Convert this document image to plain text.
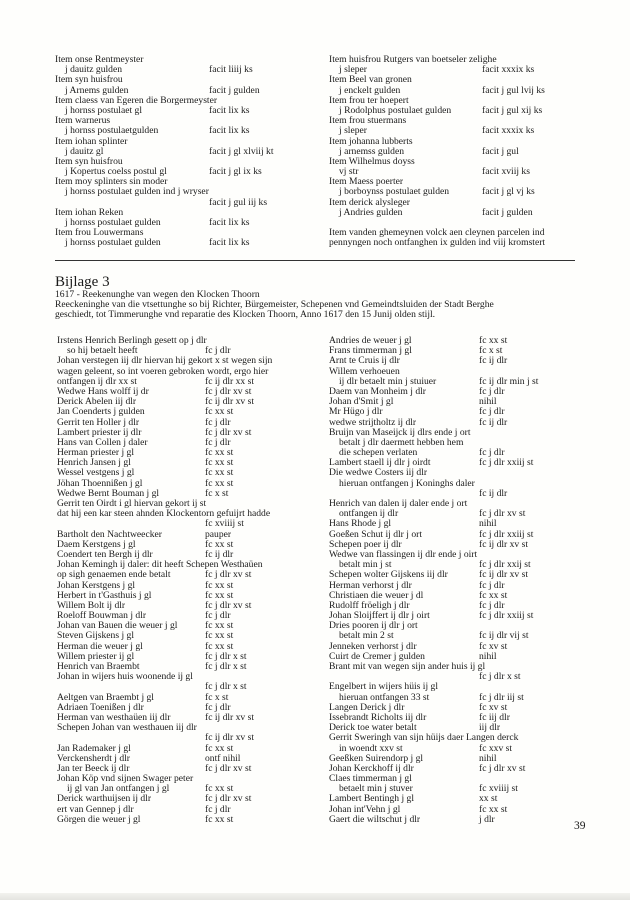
Item onse Rentmeyster
j dauitz gulden	facit liiij ks
Item syn huisfrou
j Arnems gulden	facit j gulden
Item claess van Egeren die Borgermeyster
j hornss postulaet gl	facit lix ks
Item warnerus
j hornss postulaetgulden	facit lix ks
Item iohan splinter
j dauitz gl	facit j gl xlviij kt
Item syn huisfrou
j Kopertus coelss postul gl	facit j gl ix ks
Item moy splinters sin moder
j hornss postulaet gulden ind j wryser
facit j gul iij ks
Item iohan Reken
j hornss postulaet gulden	facit lix ks
Item frou Louwermans
j hornss postulaet gulden	facit lix ks
Item huisfrou Rutgers van boetseler zelighe
j sleper	facit xxxix ks
Item Beel van gronen
j enckelt gulden	facit j gul lvij ks
Item frou ter hoepert
j Rodolphus postulaet gulden	facit j gul xij ks
Item frou stuermans
j sleper	facit xxxix ks
Item johanna lubberts
j arnemss gulden	facit j gul
Item Wilhelmus doyss
vj str	facit xviij ks
Item Maess poerter
j borboynss postulaet gulden	facit j gl vj ks
Item derick alysleger
j Andries gulden	facit j gulden
Item vanden ghemeynen volck aen cleynen parcelen ind
pennyngen noch ontfanghen ix gulden ind viij kromstert
Bijlage 3
1617 - Reekenunghe van wegen den Klocken Thoorn
Reeckeninghe van die vtsettunghe so bij Richter, Bürgemeister, Schepenen vnd Gemeindtsluiden der Stadt Berghe
geschiedt, tot Timmerunghe vnd reparatie des Klocken Thoorn, Anno 1617 den 15 Junij olden stijl.
Irstens Henrich Berlingh gesett op j dlr
so hij betaelt heeft	fc j dlr
Johan verstegen iij dlr hiervan hij gekort x st wegen sijn
wagen geleent, so int voeren gebroken wordt, ergo hier
ontfangen ij dlr xx st	fc ij dlr xx st
Wedwe Hans wolff ij dr	fc j dlr xv st
Derick Abelen iij dlr	fc ij dlr xv st
Jan Coenderts j gulden	fc xx st
Gerrit ten Holler j dlr	fc j dlr
Lambert priester ij dlr	fc j dlr xv st
Hans van Collen j daler	fc j dlr
Herman priester j gl	fc xx st
Henrich Jansen j gl	fc xx st
Wessel vestgens j gl	fc xx st
Jöhan Thoennißen j gl	fc xx st
Wedwe Bernt Bouman j gl	fc x st
Gerrit ten Oirdt i gl hiervan gekort ij st
dat hij een kar steen ahnden Klockentorn gefuijrt hadde
fc xviiij st
Bartholt den Nachtweecker	pauper
Daem Kerstgens j gl	fc xx st
Coendert ten Bergh ij dlr	fc ij dlr
Johan Kemingh ij daler: dit heeft Schepen Westhaüen
op sigh genaemen ende betalt	fc j dlr xv st
Johan Kerstgens j gl	fc xx st
Herbert in t'Gasthuis j gl	fc xx st
Willem Bolt ij dlr	fc j dlr xv st
Roeloff Bouwman j dlr	fc j dlr
Johan van Bauen die weuer j gl	fc xx st
Steven Gijskens j gl	fc xx st
Herman die weuer j gl	fc xx st
Willem priester ij gl	fc j dlr x st
Henrich van Braembt	fc j dlr x st
Johan in wijers huis woonende ij gl
fc j dlr x st
Aeltgen van Braembt j gl	fc x st
Adriaen Toenißen j dlr	fc j dlr
Herman van westhaüen iij dlr	fc ij dlr xv st
Schepen Johan van westhauen iij dlr
fc ij dlr xv st
Jan Rademaker j gl	fc xx st
Verckensherdt j dlr	ontf nihil
Jan ter Beeck ij dlr	fc j dlr xv st
Johan Köp vnd sijnen Swager peter
ij gl van Jan ontfangen j gl	fc xx st
Derick warthuijsen ij dlr	fc j dlr xv st
ert van Gennep j dlr	fc j dlr
Görgen die weuer j gl	fc xx st
Andries de weuer j gl	fc xx st
Frans timmerman j gl	fc x st
Arnt te Cruis ij dlr	fc ij dlr
Willem verhoeuen
ij dlr betaelt min j stuiuer	fc ij dlr min j st
Daem van Monheim j dlr	fc j dlr
Johan d'Smit j gl	nihil
Mr Hügo j dlr	fc j dlr
wedwe strijtholtz ij dlr	fc ij dlr
Bruijn van Maseijck ij dlrs ende j ort
betalt j dlr daermett hebben hem
die schepen verlaten	fc j dlr
Lambert staell ij dlr j oirdt	fc j dlr xxiij st
Die wedwe Costers iij dlr
hieruan ontfangen j Koninghs daler
fc ij dlr
Henrich van dalen ij daler ende j ort
ontfangen ij dlr	fc j dlr xv st
Hans Rhode j gl	nihil
Goeßen Schut ij dlr j ort	fc j dlr xxiij st
Schepen poer ij dlr	fc ij dlr xv st
Wedwe van flassingen ij dlr ende j oirt
betalt min j st	fc j dlr xxij st
Schepen wolter Gijskens iij dlr	fc ij dlr xv st
Herman verhorst j dlr	fc j dlr
Christiaen die weuer j dl	fc xx st
Rudolff fröeligh j dlr	fc j dlr
Johan Sloijffert ij dlr j oirt	fc j dlr xxiij st
Dries pooren ij dlr j ort
betalt min 2 st	fc ij dlr vij st
Jenneken verhorst j dlr	fc xv st
Cuirt de Cremer j gulden	nihil
Brant mit van wegen sijn ander huis ij gl
fc j dlr x st
Engelbert in wijers hüis ij gl
hieruan ontfangen 33 st	fc j dlr iij st
Langen Derick j dlr	fc xv st
Issebrandt Richolts iij dlr	fc iij dlr
Derick toe water betalt	iij dlr
Gerrit Sweringh van sijn hüijs daer Langen derck
in woendt xxv st	fc xxv st
Geeßken Suirendorp j gl	nihil
Johan Kerckhoff ij dlr	fc j dlr xv st
Claes timmerman j gl
betaelt min j stuver	fc xviiij st
Lambert Bentingh j gl	xx st
Johan int'Vehn j gl	fc xx st
Gaert die wiltschut j dlr	j dlr
39
